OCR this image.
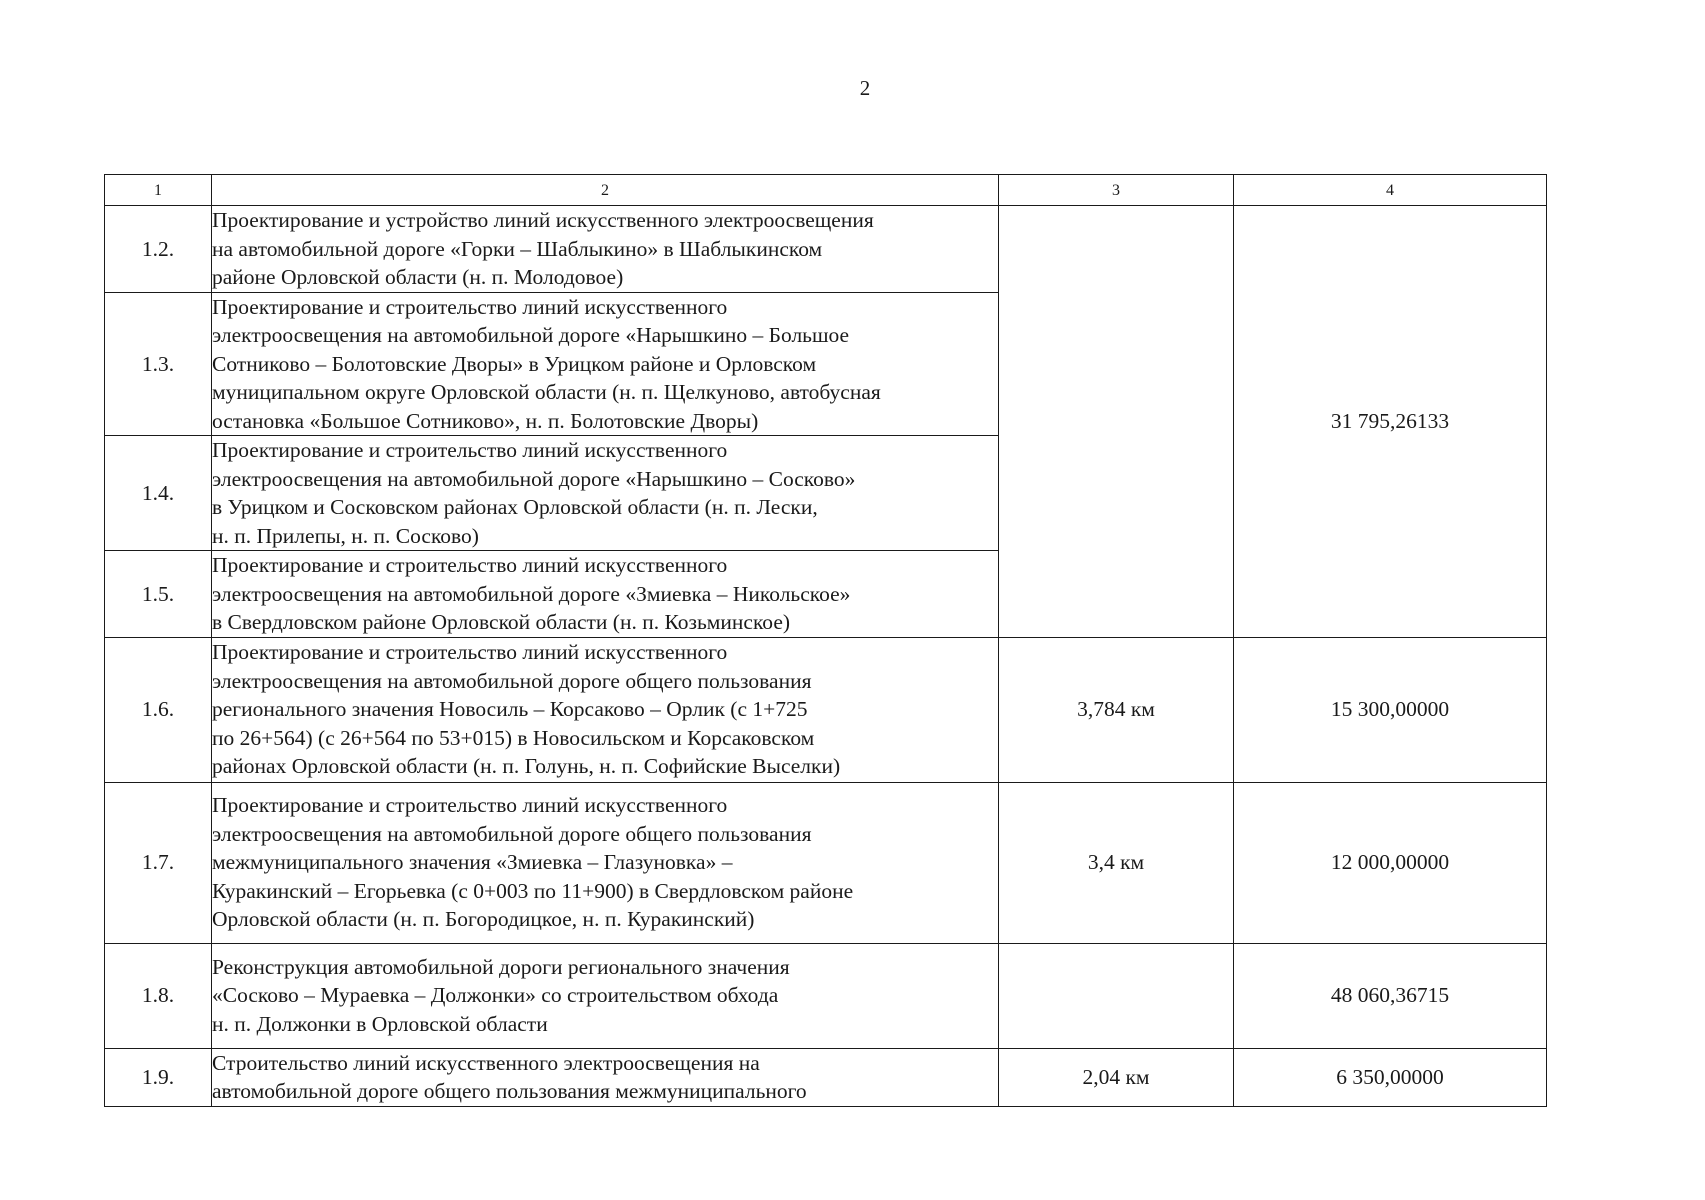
2
1	2	3	4
1.2.	Проектирование и устройство линий искусственного электроосвещения
на автомобильной дороге «Горки – Шаблыкино» в Шаблыкинском
районе Орловской области (н. п. Молодовое)		31 795,26133
1.3.	Проектирование и строительство линий искусственного
электроосвещения на автомобильной дороге «Нарышкино – Большое
Сотниково – Болотовские Дворы» в Урицком районе и Орловском
муниципальном округе Орловской области (н. п. Щелкуново, автобусная
остановка «Большое Сотниково», н. п. Болотовские Дворы)		
1.4.	Проектирование и строительство линий искусственного
электроосвещения на автомобильной дороге «Нарышкино – Сосково»
в Урицком и Сосковском районах Орловской области (н. п. Лески,
н. п. Прилепы, н. п. Сосково)		
1.5.	Проектирование и строительство линий искусственного
электроосвещения на автомобильной дороге «Змиевка – Никольское»
в Свердловском районе Орловской области (н. п. Козьминское)		
1.6.	Проектирование и строительство линий искусственного
электроосвещения на автомобильной дороге общего пользования
регионального значения Новосиль – Корсаково – Орлик (с 1+725
по 26+564) (с 26+564 по 53+015) в Новосильском и Корсаковском
районах Орловской области (н. п. Голунь, н. п. Софийские Выселки)	3,784 км	15 300,00000
1.7.	Проектирование и строительство линий искусственного
электроосвещения на автомобильной дороге общего пользования
межмуниципального значения «Змиевка – Глазуновка» –
Куракинский – Егорьевка (с 0+003 по 11+900) в Свердловском районе
Орловской области (н. п. Богородицкое, н. п. Куракинский)	3,4 км	12 000,00000
1.8.	Реконструкция автомобильной дороги регионального значения
«Сосково – Мураевка – Должонки» со строительством обхода
н. п. Должонки в Орловской области		48 060,36715
1.9.	Строительство линий искусственного электроосвещения на
автомобильной дороге общего пользования межмуниципального	2,04 км	6 350,00000
